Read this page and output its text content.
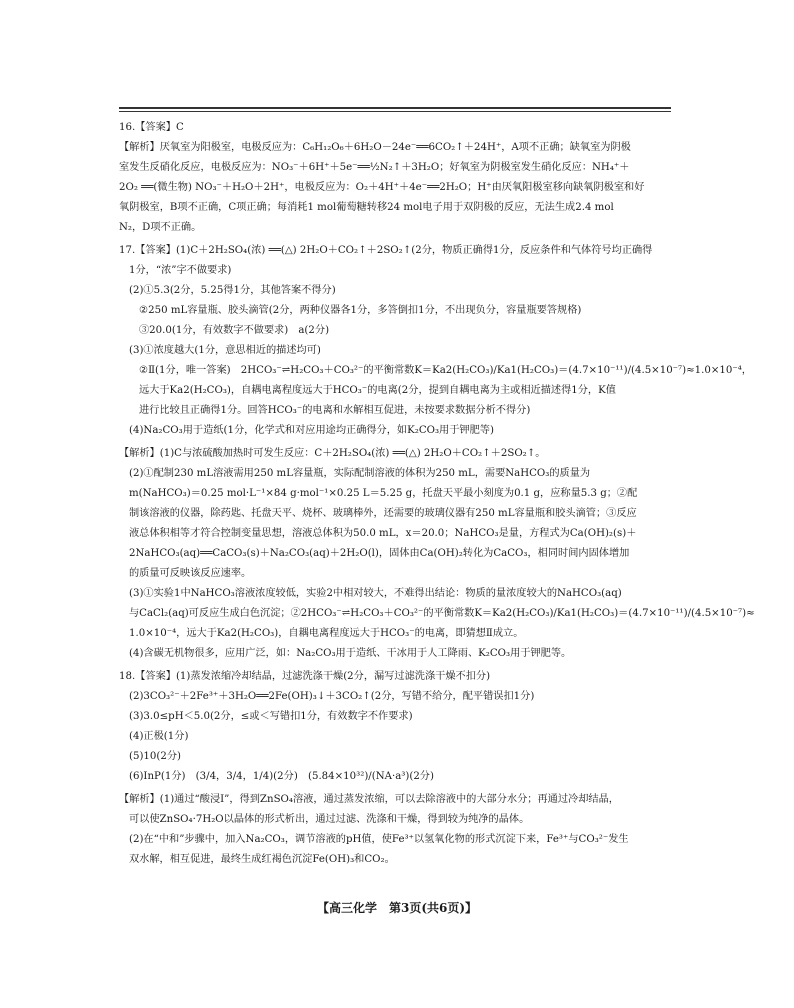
16.【答案】C

【解析】厌氧室为阳极室，电极反应为：C₆H₁₂O₆＋6H₂O－24e⁻══6CO₂↑＋24H⁺，A项不正确；缺氧室为阴极

室发生反硝化反应，电极反应为：NO₃⁻＋6H⁺＋5e⁻══½N₂↑＋3H₂O；好氧室为阴极室发生硝化反应：NH₄⁺＋

2O₂ ══(微生物) NO₃⁻＋H₂O＋2H⁺，电极反应为：O₂＋4H⁺＋4e⁻══2H₂O；H⁺由厌氧阳极室移向缺氧阴极室和好

氧阴极室，B项不正确，C项正确；每消耗1 mol葡萄糖转移24 mol电子用于双阴极的反应，无法生成2.4 mol

N₂，D项不正确。

17.【答案】(1)C＋2H₂SO₄(浓) ══(△) 2H₂O＋CO₂↑＋2SO₂↑(2分，物质正确得1分，反应条件和气体符号均正确得

1分，“浓”字不做要求)

(2)①5.3(2分，5.25得1分，其他答案不得分)

②250 mL容量瓶、胶头滴管(2分，两种仪器各1分，多答倒扣1分，不出现负分，容量瓶要答规格)

③20.0(1分，有效数字不做要求)　a(2分)

(3)①浓度越大(1分，意思相近的描述均可)

②Ⅱ(1分，唯一答案)　2HCO₃⁻⇌H₂CO₃＋CO₃²⁻的平衡常数K＝Ka2(H₂CO₃)/Ka1(H₂CO₃)＝(4.7×10⁻¹¹)/(4.5×10⁻⁷)≈1.0×10⁻⁴，

远大于Ka2(H₂CO₃)，自耦电离程度远大于HCO₃⁻的电离(2分，提到自耦电离为主或相近描述得1分，K值

进行比较且正确得1分。回答HCO₃⁻的电离和水解相互促进，未按要求数据分析不得分)

(4)Na₂CO₃用于造纸(1分，化学式和对应用途均正确得分，如K₂CO₃用于钾肥等)

【解析】(1)C与浓硫酸加热时可发生反应：C＋2H₂SO₄(浓) ══(△) 2H₂O＋CO₂↑＋2SO₂↑。

(2)①配制230 mL溶液需用250 mL容量瓶，实际配制溶液的体积为250 mL，需要NaHCO₃的质量为

m(NaHCO₃)＝0.25 mol·L⁻¹×84 g·mol⁻¹×0.25 L＝5.25 g，托盘天平最小刻度为0.1 g，应称量5.3 g；②配

制该溶液的仪器，除药匙、托盘天平、烧杯、玻璃棒外，还需要的玻璃仪器有250 mL容量瓶和胶头滴管；③反应

液总体积相等才符合控制变量思想，溶液总体积为50.0 mL，x＝20.0；NaHCO₃是量，方程式为Ca(OH)₂(s)＋

2NaHCO₃(aq)══CaCO₃(s)＋Na₂CO₃(aq)＋2H₂O(l)，固体由Ca(OH)₂转化为CaCO₃，相同时间内固体增加

的质量可反映该反应速率。

(3)①实验1中NaHCO₃溶液浓度较低，实验2中相对较大，不难得出结论：物质的量浓度较大的NaHCO₃(aq)

与CaCl₂(aq)可反应生成白色沉淀；②2HCO₃⁻⇌H₂CO₃＋CO₃²⁻的平衡常数K＝Ka2(H₂CO₃)/Ka1(H₂CO₃)＝(4.7×10⁻¹¹)/(4.5×10⁻⁷)≈

1.0×10⁻⁴，远大于Ka2(H₂CO₃)，自耦电离程度远大于HCO₃⁻的电离，即猜想Ⅱ成立。

(4)含碳无机物很多，应用广泛，如：Na₂CO₃用于造纸、干冰用于人工降雨、K₂CO₃用于钾肥等。

18.【答案】(1)蒸发浓缩冷却结晶，过滤洗涤干燥(2分，漏写过滤洗涤干燥不扣分)

(2)3CO₃²⁻＋2Fe³⁺＋3H₂O══2Fe(OH)₃↓＋3CO₂↑(2分，写错不给分，配平错误扣1分)

(3)3.0≤pH＜5.0(2分，≤或＜写错扣1分，有效数字不作要求)

(4)正极(1分)

(5)10(2分)

(6)InP(1分)　(3/4，3/4，1/4)(2分)　(5.84×10³²)/(NA·a³)(2分)

【解析】(1)通过“酸浸Ⅰ”，得到ZnSO₄溶液，通过蒸发浓缩，可以去除溶液中的大部分水分；再通过冷却结晶，

可以使ZnSO₄·7H₂O以晶体的形式析出，通过过滤、洗涤和干燥，得到较为纯净的晶体。

(2)在“中和”步骤中，加入Na₂CO₃，调节溶液的pH值，使Fe³⁺以氢氧化物的形式沉淀下来，Fe³⁺与CO₃²⁻发生

双水解，相互促进，最终生成红褐色沉淀Fe(OH)₃和CO₂。

【高三化学　第3页(共6页)】
